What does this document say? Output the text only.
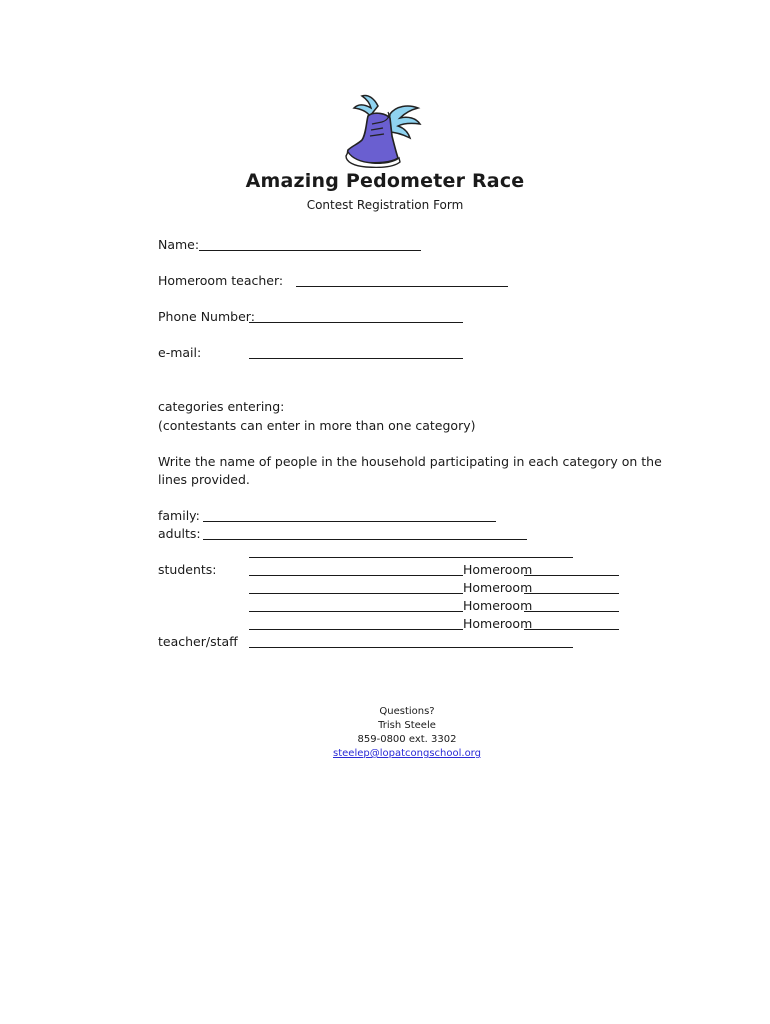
Amazing Pedometer Race
Contest Registration Form
Name:
Homeroom teacher:
Phone Number:
e-mail:
categories entering:
(contestants can enter in more than one category)
Write the name of people in the household participating in each category on the
lines provided.
family:
adults:
students:	Homeroom
Homeroom
Homeroom
Homeroom
teacher/staff
Questions?
Trish Steele
859-0800 ext. 3302
steelep@lopatcongschool.org
